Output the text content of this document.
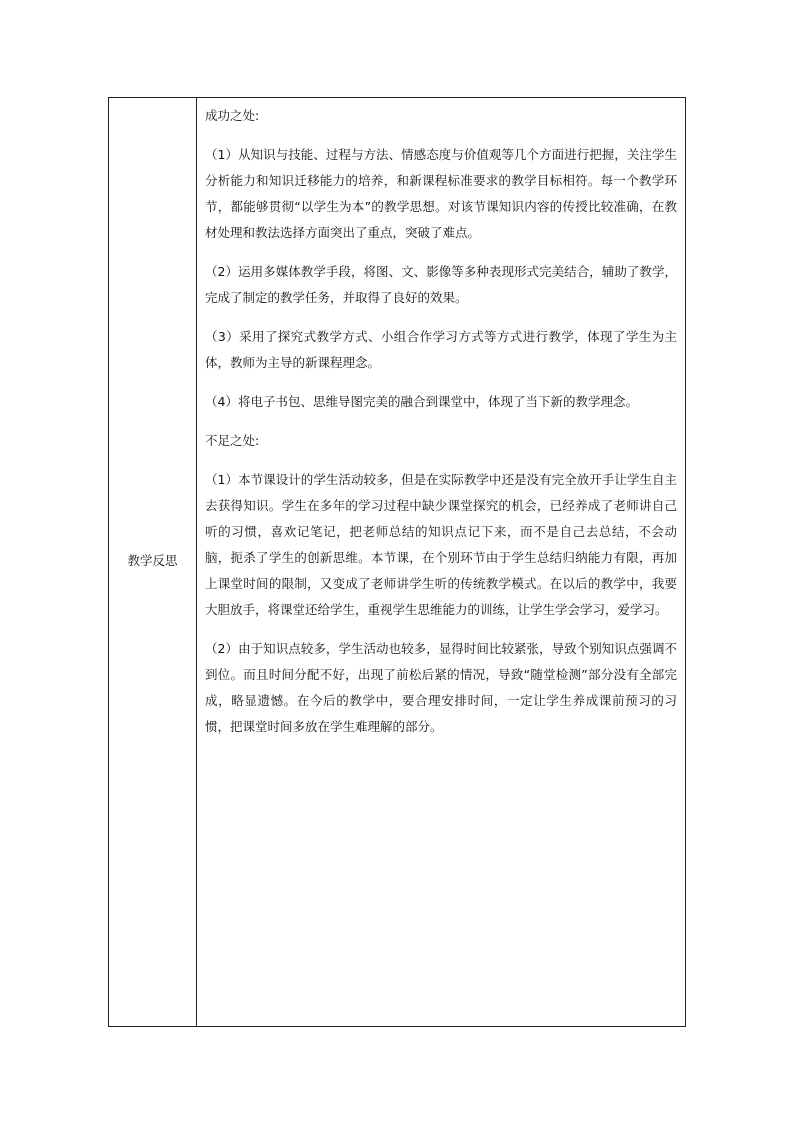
教学反思

成功之处:

（1）从知识与技能、过程与方法、情感态度与价值观等几个方面进行把握，关注学生分析能力和知识迁移能力的培养，和新课程标准要求的教学目标相符。每一个教学环节，都能够贯彻“以学生为本”的教学思想。对该节课知识内容的传授比较准确，在教材处理和教法选择方面突出了重点，突破了难点。

（2）运用多媒体教学手段，将图、文、影像等多种表现形式完美结合，辅助了教学，完成了制定的教学任务，并取得了良好的效果。

（3）采用了探究式教学方式、小组合作学习方式等方式进行教学，体现了学生为主体，教师为主导的新课程理念。

（4）将电子书包、思维导图完美的融合到课堂中，体现了当下新的教学理念。

不足之处:

（1）本节课设计的学生活动较多，但是在实际教学中还是没有完全放开手让学生自主去获得知识。学生在多年的学习过程中缺少课堂探究的机会，已经养成了老师讲自己听的习惯，喜欢记笔记，把老师总结的知识点记下来，而不是自己去总结，不会动脑，扼杀了学生的创新思维。本节课，在个别环节由于学生总结归纳能力有限，再加上课堂时间的限制，又变成了老师讲学生听的传统教学模式。在以后的教学中，我要大胆放手，将课堂还给学生，重视学生思维能力的训练，让学生学会学习，爱学习。

（2）由于知识点较多，学生活动也较多，显得时间比较紧张，导致个别知识点强调不到位。而且时间分配不好，出现了前松后紧的情况，导致“随堂检测”部分没有全部完成，略显遗憾。在今后的教学中，要合理安排时间，一定让学生养成课前预习的习惯，把课堂时间多放在学生难理解的部分。
